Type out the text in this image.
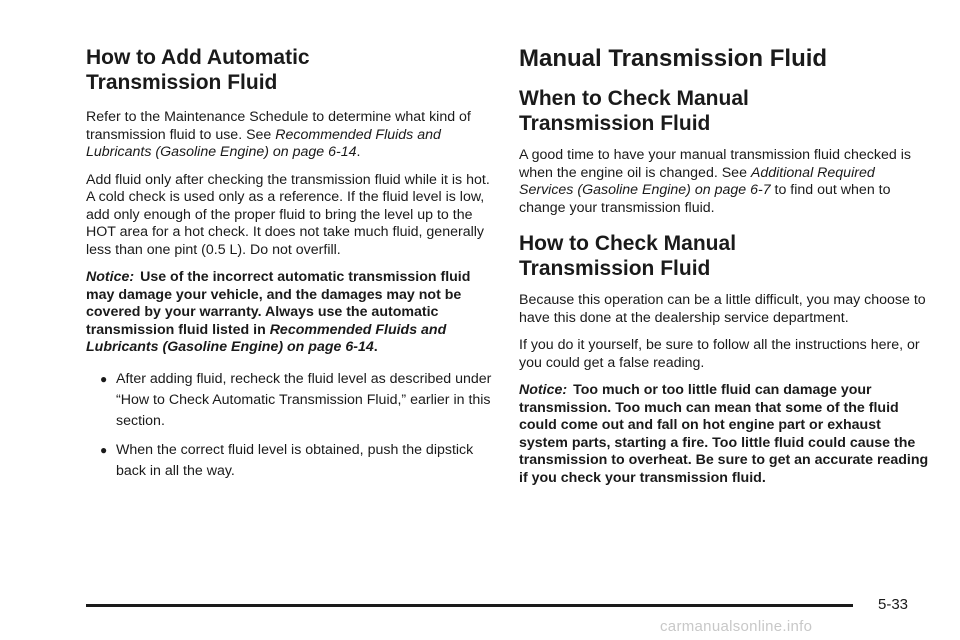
How to Add Automatic
Transmission Fluid

Refer to the Maintenance Schedule to determine what kind of transmission fluid to use. See Recommended Fluids and Lubricants (Gasoline Engine) on page 6-14.

Add fluid only after checking the transmission fluid while it is hot. A cold check is used only as a reference. If the fluid level is low, add only enough of the proper fluid to bring the level up to the HOT area for a hot check. It does not take much fluid, generally less than one pint (0.5 L). Do not overfill.

Notice: Use of the incorrect automatic transmission fluid may damage your vehicle, and the damages may not be covered by your warranty. Always use the automatic transmission fluid listed in Recommended Fluids and Lubricants (Gasoline Engine) on page 6-14.

● After adding fluid, recheck the fluid level as described under “How to Check Automatic Transmission Fluid,” earlier in this section.
● When the correct fluid level is obtained, push the dipstick back in all the way.
Manual Transmission Fluid
When to Check Manual
Transmission Fluid

A good time to have your manual transmission fluid checked is when the engine oil is changed. See Additional Required Services (Gasoline Engine) on page 6-7 to find out when to change your transmission fluid.

How to Check Manual
Transmission Fluid

Because this operation can be a little difficult, you may choose to have this done at the dealership service department.

If you do it yourself, be sure to follow all the instructions here, or you could get a false reading.

Notice: Too much or too little fluid can damage your transmission. Too much can mean that some of the fluid could come out and fall on hot engine part or exhaust system parts, starting a fire. Too little fluid could cause the transmission to overheat. Be sure to get an accurate reading if you check your transmission fluid.

5-33
carmanualsonline.info
